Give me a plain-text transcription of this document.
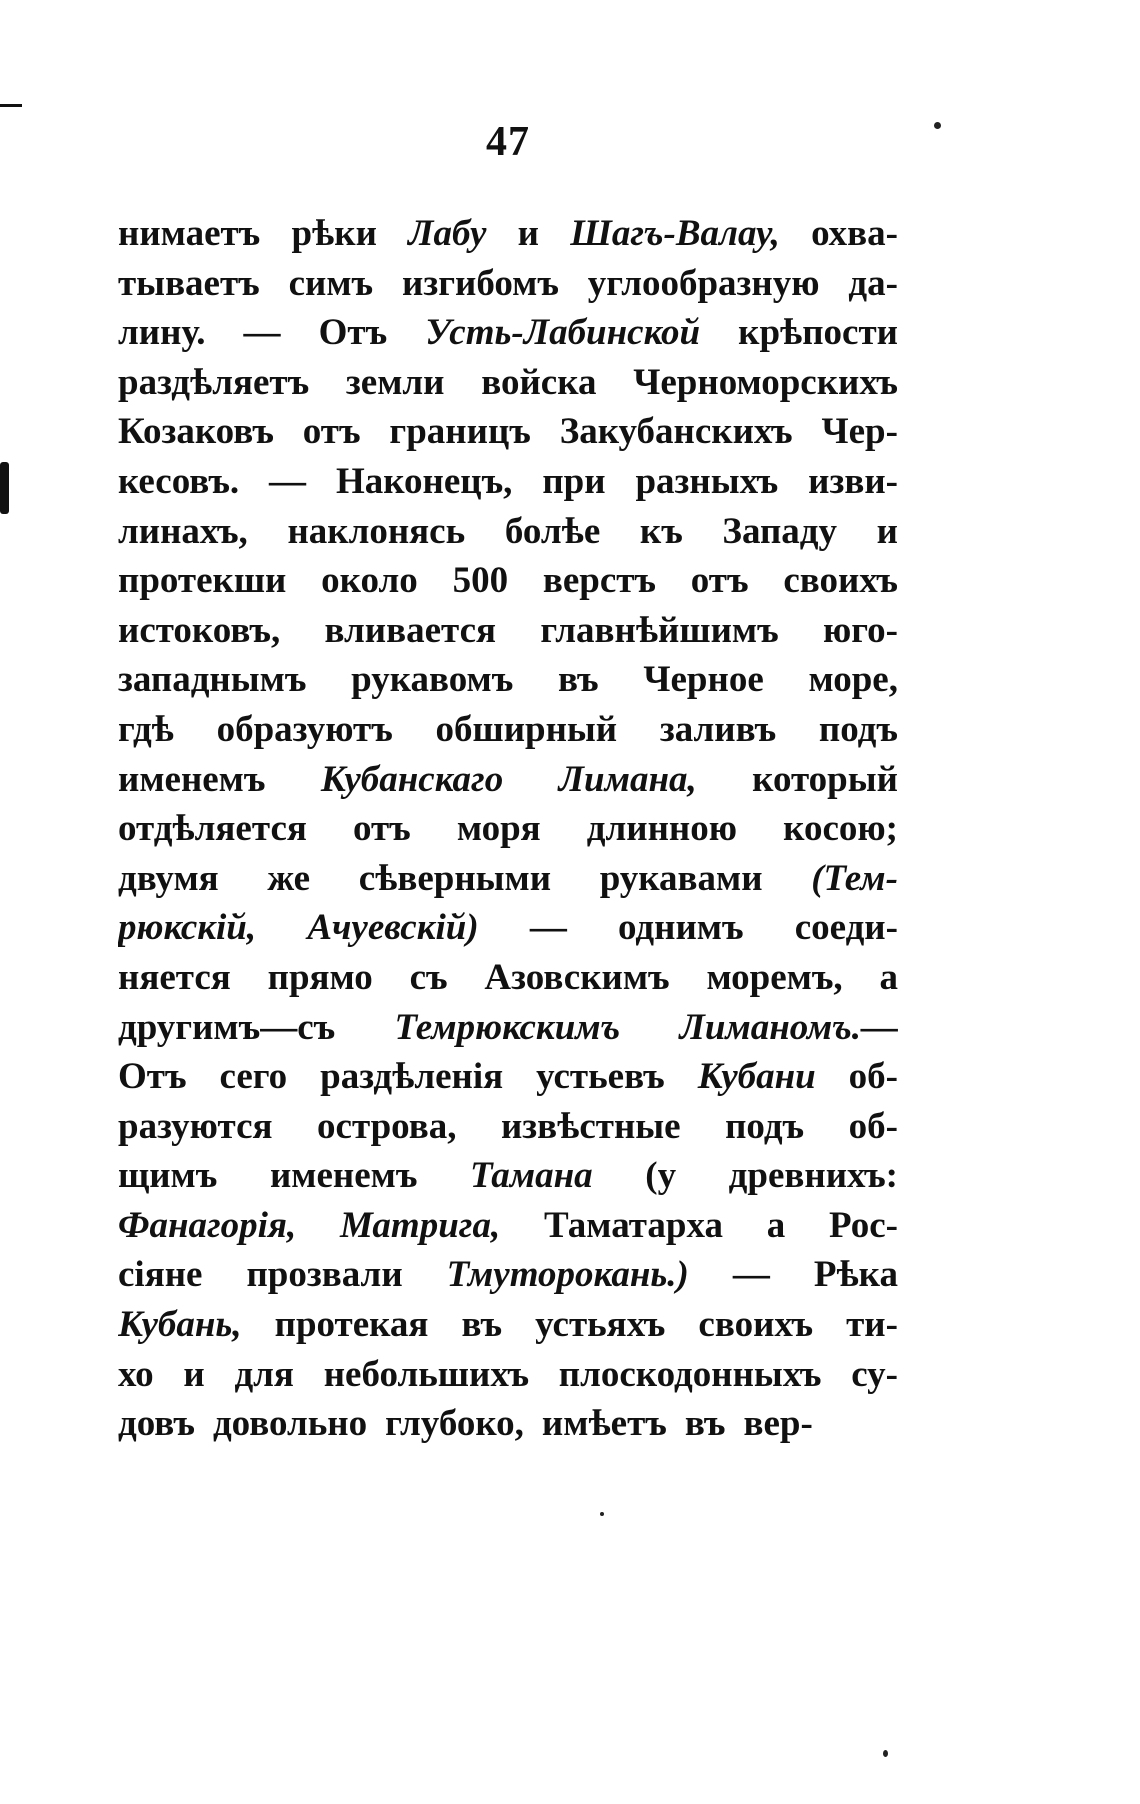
47
нимаетъ рѣки Лабу и Шагъ-Валау, охва-
тываетъ симъ изгибомъ углообразную да-
лину. — Отъ Усть-Лабинской крѣпости
раздѣляетъ земли войска Черноморскихъ
Козаковъ отъ границъ Закубанскихъ Чер-
кесовъ. — Наконецъ, при разныхъ изви-
линахъ, наклонясь болѣе къ Западу и
протекши около 500 верстъ отъ своихъ
истоковъ, вливается главнѣйшимъ юго-
западнымъ рукавомъ въ Черное море,
гдѣ образуютъ обширный заливъ подъ
именемъ Кубанскаго Лимана, который
отдѣляется отъ моря длинною косою;
двумя же сѣверными рукавами (Тем-
рюкскій, Ачуевскій) — однимъ соеди-
няется прямо съ Азовскимъ моремъ, а
другимъ—съ Темрюкскимъ Лиманомъ.—
Отъ сего раздѣленія устьевъ Кубани об-
разуются острова, извѣстные подъ об-
щимъ именемъ Тамана (у древнихъ:
Фанагорія, Матрига, Таматарха а Рос-
сіяне прозвали Тмуторокань.) — Рѣка
Кубань, протекая въ устьяхъ своихъ ти-
хо и для небольшихъ плоскодонныхъ су-
довъ довольно глубоко, имѣетъ въ вер-
